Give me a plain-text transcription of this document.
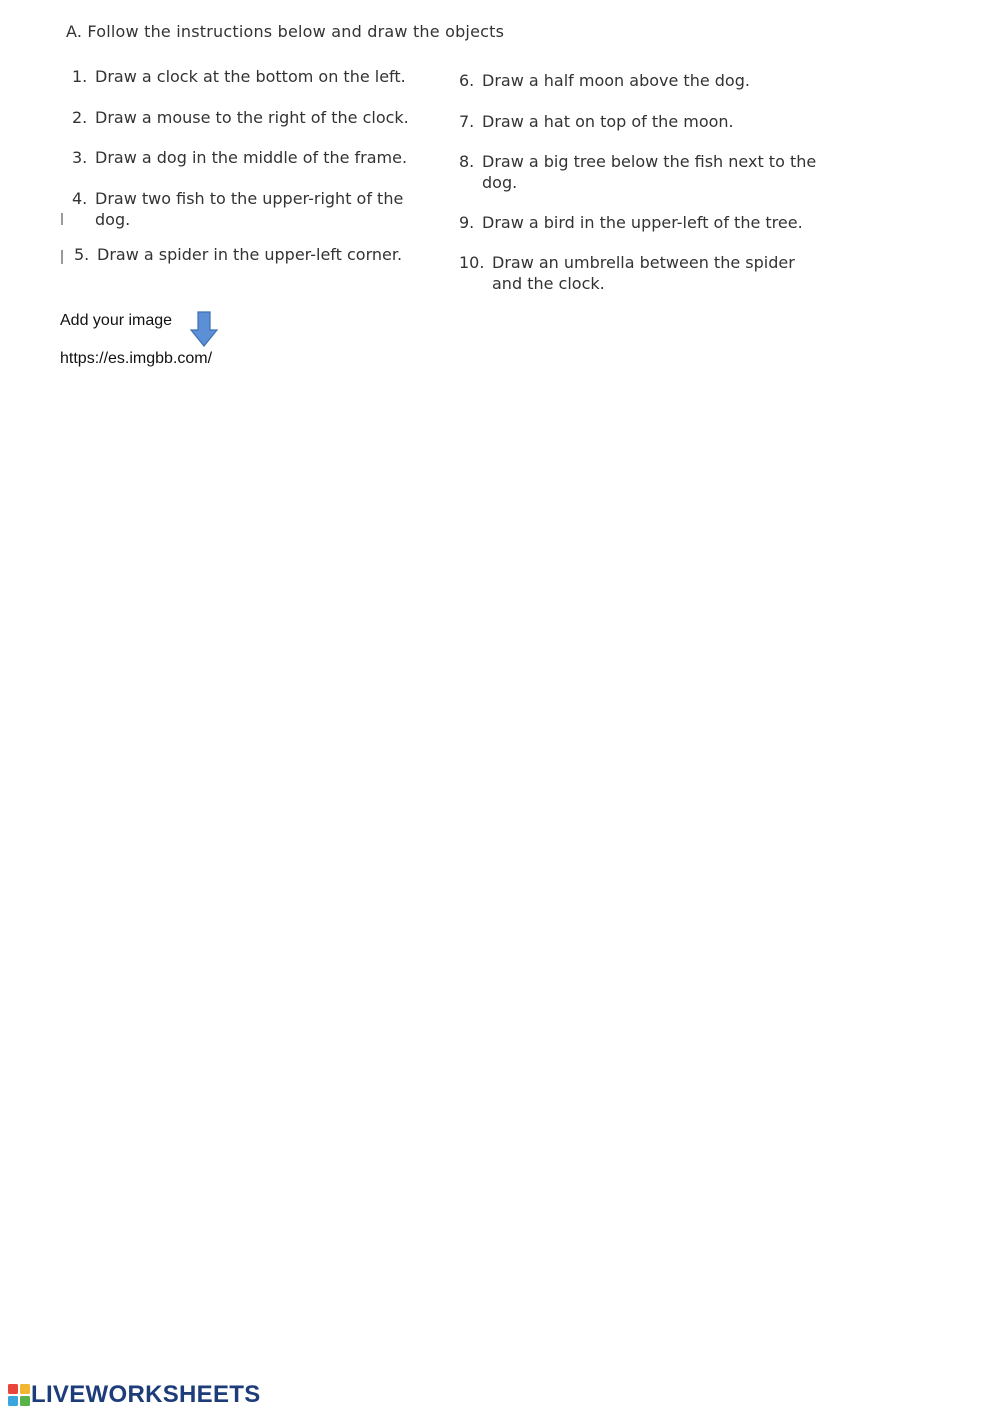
A. Follow the instructions below and draw the objects
1. Draw a clock at the bottom on the left.
2. Draw a mouse to the right of the clock.
3. Draw a dog in the middle of the frame.
4. Draw two fish to the upper-right of the dog.
5. Draw a spider in the upper-left corner.
6. Draw a half moon above the dog.
7. Draw a hat on top of the moon.
8. Draw a big tree below the fish next to the dog.
9. Draw a bird in the upper-left of the tree.
10. Draw an umbrella between the spider and the clock.
Add your image
https://es.imgbb.com/
LIVEWORKSHEETS
